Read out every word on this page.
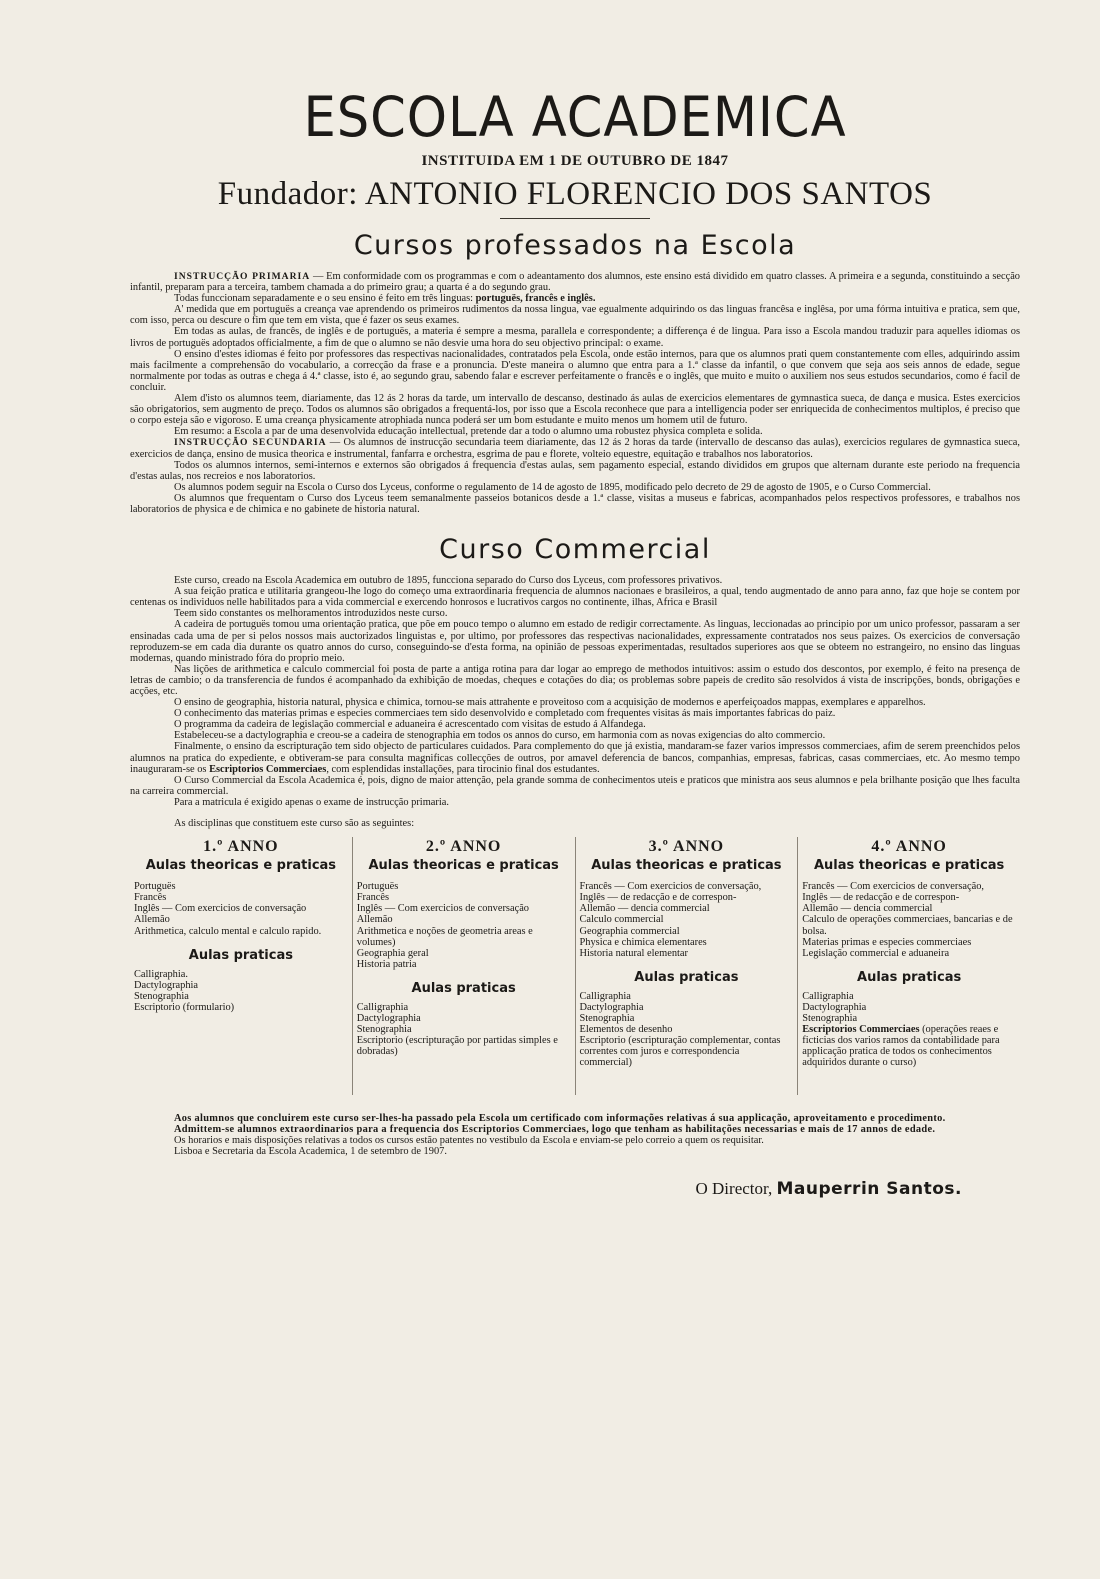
ESCOLA ACADEMICA
INSTITUIDA EM 1 DE OUTUBRO DE 1847
Fundador: ANTONIO FLORENCIO DOS SANTOS
Cursos professados na Escola

INSTRUCÇÃO PRIMARIA — Em conformidade com os programmas e com o adeantamento dos alumnos, este ensino está dividido em quatro classes. A primeira e a segunda, constituindo a secção infantil, preparam para a terceira, tambem chamada a do primeiro grau; a quarta é a do segundo grau.

Todas funccionam separadamente e o seu ensino é feito em três linguas: portuguës, francês e inglês.

A' medida que em portuguës a creança vae aprendendo os primeiros rudimentos da nossa lingua, vae egualmente adquirindo os das linguas francêsa e inglêsa, por uma fórma intuitiva e pratica, sem que, com isso, perca ou descure o fim que tem em vista, que é fazer os seus exames.

Em todas as aulas, de francês, de inglês e de portuguës, a materia é sempre a mesma, parallela e correspondente; a differença é de lingua. Para isso a Escola mandou traduzir para aquelles idiomas os livros de portuguës adoptados officialmente, a fim de que o alumno se não desvie uma hora do seu objectivo principal: o exame.

O ensino d'estes idiomas é feito por professores das respectivas nacionalidades, contratados pela Escola, onde estão internos, para que os alumnos prati quem constantemente com elles, adquirindo assim mais facilmente a comprehensão do vocabulario, a correcção da frase e a pronuncia. D'este maneira o alumno que entra para a 1.ª classe da infantil, o que convem que seja aos seis annos de edade, segue normalmente por todas as outras e chega á 4.ª classe, isto é, ao segundo grau, sabendo falar e escrever perfeitamente o francês e o inglês, que muito e muito o auxiliem nos seus estudos secundarios, como é facil de concluir.

Alem d'isto os alumnos teem, diariamente, das 12 ás 2 horas da tarde, um intervallo de descanso, destinado ás aulas de exercicios elementares de gymnastica sueca, de dança e musica. Estes exercicios são obrigatorios, sem augmento de preço. Todos os alumnos são obrigados a frequentá-los, por isso que a Escola reconhece que para a intelligencia poder ser enriquecida de conhecimentos multiplos, é preciso que o corpo esteja são e vigoroso. E uma creança physicamente atrophiada nunca poderá ser um bom estudante e muito menos um homem util de futuro.

Em resumo: a Escola a par de uma desenvolvida educação intellectual, pretende dar a todo o alumno uma robustez physica completa e solida.

INSTRUCÇÃO SECUNDARIA — Os alumnos de instrucção secundaria teem diariamente, das 12 ás 2 horas da tarde (intervallo de descanso das aulas), exercicios regulares de gymnastica sueca, exercicios de dança, ensino de musica theorica e instrumental, fanfarra e orchestra, esgrima de pau e florete, volteio equestre, equitação e trabalhos nos laboratorios.

Todos os alumnos internos, semi-internos e externos são obrigados á frequencia d'estas aulas, sem pagamento especial, estando divididos em grupos que alternam durante este periodo na frequencia d'estas aulas, nos recreios e nos laboratorios.

Os alumnos podem seguir na Escola o Curso dos Lyceus, conforme o regulamento de 14 de agosto de 1895, modificado pelo decreto de 29 de agosto de 1905, e o Curso Commercial.

Os alumnos que frequentam o Curso dos Lyceus teem semanalmente passeios botanicos desde a 1.ª classe, visitas a museus e fabricas, acompanhados pelos respectivos professores, e trabalhos nos laboratorios de physica e de chimica e no gabinete de historia natural.

Curso Commercial

Este curso, creado na Escola Academica em outubro de 1895, funcciona separado do Curso dos Lyceus, com professores privativos.

A sua feição pratica e utilitaria grangeou-lhe logo do começo uma extraordinaria frequencia de alumnos nacionaes e brasileiros, a qual, tendo augmentado de anno para anno, faz que hoje se contem por centenas os individuos nelle habilitados para a vida commercial e exercendo honrosos e lucrativos cargos no continente, ilhas, Africa e Brasil

Teem sido constantes os melhoramentos introduzidos neste curso.

A cadeira de portuguës tomou uma orientação pratica, que põe em pouco tempo o alumno em estado de redigir correctamente. As linguas, leccionadas ao principio por um unico professor, passaram a ser ensinadas cada uma de per si pelos nossos mais auctorizados linguistas e, por ultimo, por professores das respectivas nacionalidades, expressamente contratados nos seus paizes. Os exercicios de conversação reproduzem-se em cada dia durante os quatro annos do curso, conseguindo-se d'esta forma, na opinião de pessoas experimentadas, resultados superiores aos que se obteem no estrangeiro, no ensino das linguas modernas, quando ministrado fóra do proprio meio.

Nas lições de arithmetica e calculo commercial foi posta de parte a antiga rotina para dar logar ao emprego de methodos intuitivos: assim o estudo dos descontos, por exemplo, é feito na presença de letras de cambio; o da transferencia de fundos é acompanhado da exhibição de moedas, cheques e cotações do dia; os problemas sobre papeis de credito são resolvidos á vista de inscripções, bonds, obrigações e acções, etc.

O ensino de geographia, historia natural, physica e chimica, tornou-se mais attrahente e proveitoso com a acquisição de modernos e aperfeiçoados mappas, exemplares e apparelhos.

O conhecimento das materias primas e especies commerciaes tem sido desenvolvido e completado com frequentes visitas ás mais importantes fabricas do paiz.

O programma da cadeira de legislação commercial e aduaneira é acrescentado com visitas de estudo á Alfandega.

Estabeleceu-se a dactylographia e creou-se a cadeira de stenographia em todos os annos do curso, em harmonia com as novas exigencias do alto commercio.

Finalmente, o ensino da escripturação tem sido objecto de particulares cuidados. Para complemento do que já existia, mandaram-se fazer varios impressos commerciaes, afim de serem preenchidos pelos alumnos na pratica do expediente, e obtiveram-se para consulta magnificas collecções de outros, por amavel deferencia de bancos, companhias, empresas, fabricas, casas commerciaes, etc. Ao mesmo tempo inauguraram-se os Escriptorios Commerciaes, com esplendidas installações, para tirocinio final dos estudantes.

O Curso Commercial da Escola Academica é, pois, digno de maior attenção, pela grande somma de conhecimentos uteis e praticos que ministra aos seus alumnos e pela brilhante posição que lhes faculta na carreira commercial.

Para a matricula é exigido apenas o exame de instrucção primaria.

As disciplinas que constituem este curso são as seguintes:

1.º ANNO
Aulas theoricas e praticas
Portuguës
Francês
Inglês — Com exercicios de conversação
Allemão
Arithmetica, calculo mental e calculo rapido.
Aulas praticas
Calligraphia.
Dactylographia
Stenographia
Escriptorio (formulario)
2.º ANNO
Aulas theoricas e praticas
Portuguës
Francês
Inglês — Com exercicios de conversação
Allemão
Arithmetica e noções de geometria areas e volumes)
Geographia geral
Historia patria
Aulas praticas
Calligraphia
Dactylographia
Stenographia
Escriptorio (escripturação por partidas simples e dobradas)
3.º ANNO
Aulas theoricas e praticas
Francês — Com exercicios de conversação,
Inglês — de redacção e de correspon-
Allemão — dencia commercial
Calculo commercial
Geographia commercial
Physica e chimica elementares
Historia natural elementar
Aulas praticas
Calligraphia
Dactylographia
Stenographia
Elementos de desenho
Escriptorio (escripturação complementar, contas correntes com juros e correspondencia commercial)
4.º ANNO
Aulas theoricas e praticas
Francês — Com exercicios de conversação,
Inglês — de redacção e de correspon-
Allemão — dencia commercial
Calculo de operações commerciaes, bancarias e de bolsa.
Materias primas e especies commerciaes
Legislação commercial e aduaneira
Aulas praticas
Calligraphia
Dactylographia
Stenographia
Escriptorios Commerciaes (operações reaes e ficticias dos varios ramos da contabilidade para applicação pratica de todos os conhecimentos adquiridos durante o curso)

Aos alumnos que concluirem este curso ser-lhes-ha passado pela Escola um certificado com informações relativas á sua applicação, aproveitamento e procedimento.

Admittem-se alumnos extraordinarios para a frequencia dos Escriptorios Commerciaes, logo que tenham as habilitações necessarias e mais de 17 annos de edade.

Os horarios e mais disposições relativas a todos os cursos estão patentes no vestibulo da Escola e enviam-se pelo correio a quem os requisitar.

Lisboa e Secretaria da Escola Academica, 1 de setembro de 1907.

O Director, Mauperrin Santos.
